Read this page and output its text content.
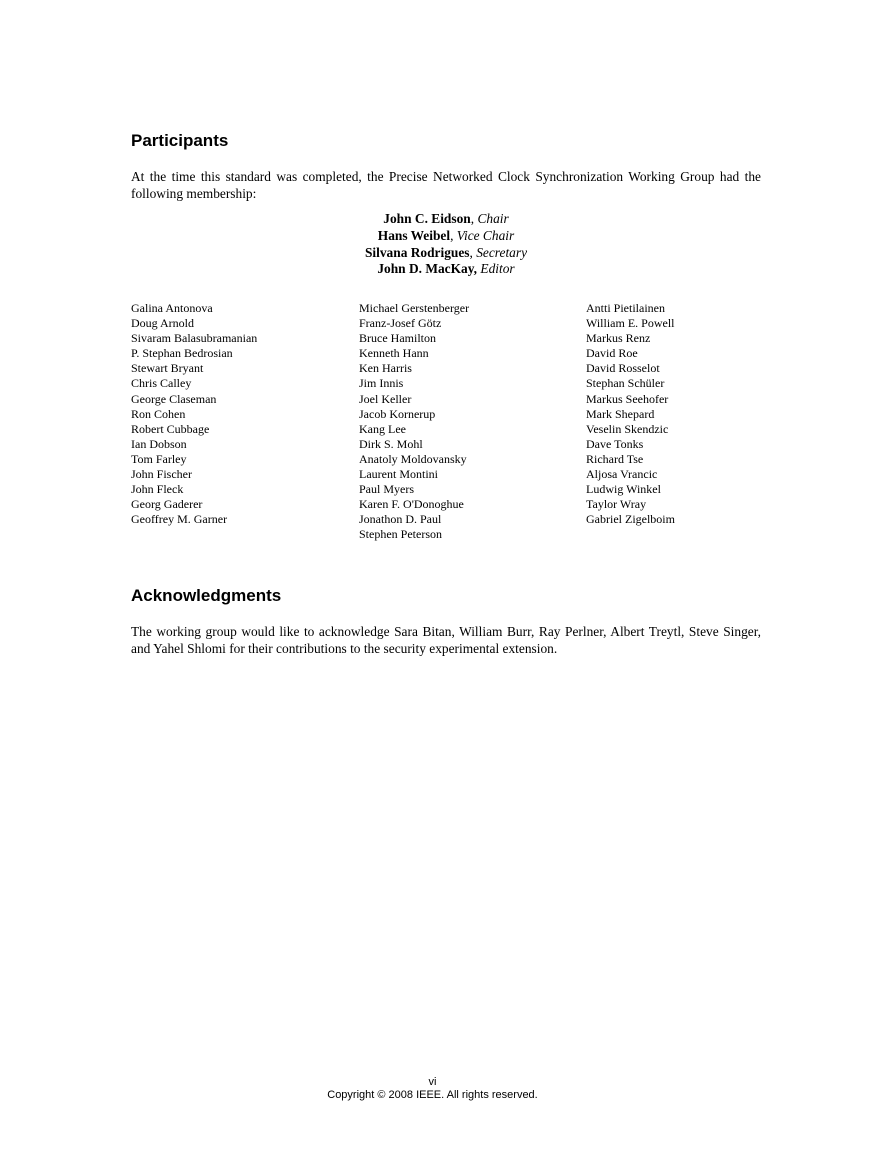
Participants

At the time this standard was completed, the Precise Networked Clock Synchronization Working Group had the following membership:

John C. Eidson, Chair
Hans Weibel, Vice Chair
Silvana Rodrigues, Secretary
John D. MacKay, Editor
Galina Antonova
Doug Arnold
Sivaram Balasubramanian
P. Stephan Bedrosian
Stewart Bryant
Chris Calley
George Claseman
Ron Cohen
Robert Cubbage
Ian Dobson
Tom Farley
John Fischer
John Fleck
Georg Gaderer
Geoffrey M. Garner
Michael Gerstenberger
Franz-Josef Götz
Bruce Hamilton
Kenneth Hann
Ken Harris
Jim Innis
Joel Keller
Jacob Kornerup
Kang Lee
Dirk S. Mohl
Anatoly Moldovansky
Laurent Montini
Paul Myers
Karen F. O'Donoghue
Jonathon D. Paul
Stephen Peterson
Antti Pietilainen
William E. Powell
Markus Renz
David Roe
David Rosselot
Stephan Schüler
Markus Seehofer
Mark Shepard
Veselin Skendzic
Dave Tonks
Richard Tse
Aljosa Vrancic
Ludwig Winkel
Taylor Wray
Gabriel Zigelboim
Acknowledgments

The working group would like to acknowledge Sara Bitan, William Burr, Ray Perlner, Albert Treytl, Steve Singer, and Yahel Shlomi for their contributions to the security experimental extension.

vi
Copyright © 2008 IEEE. All rights reserved.
